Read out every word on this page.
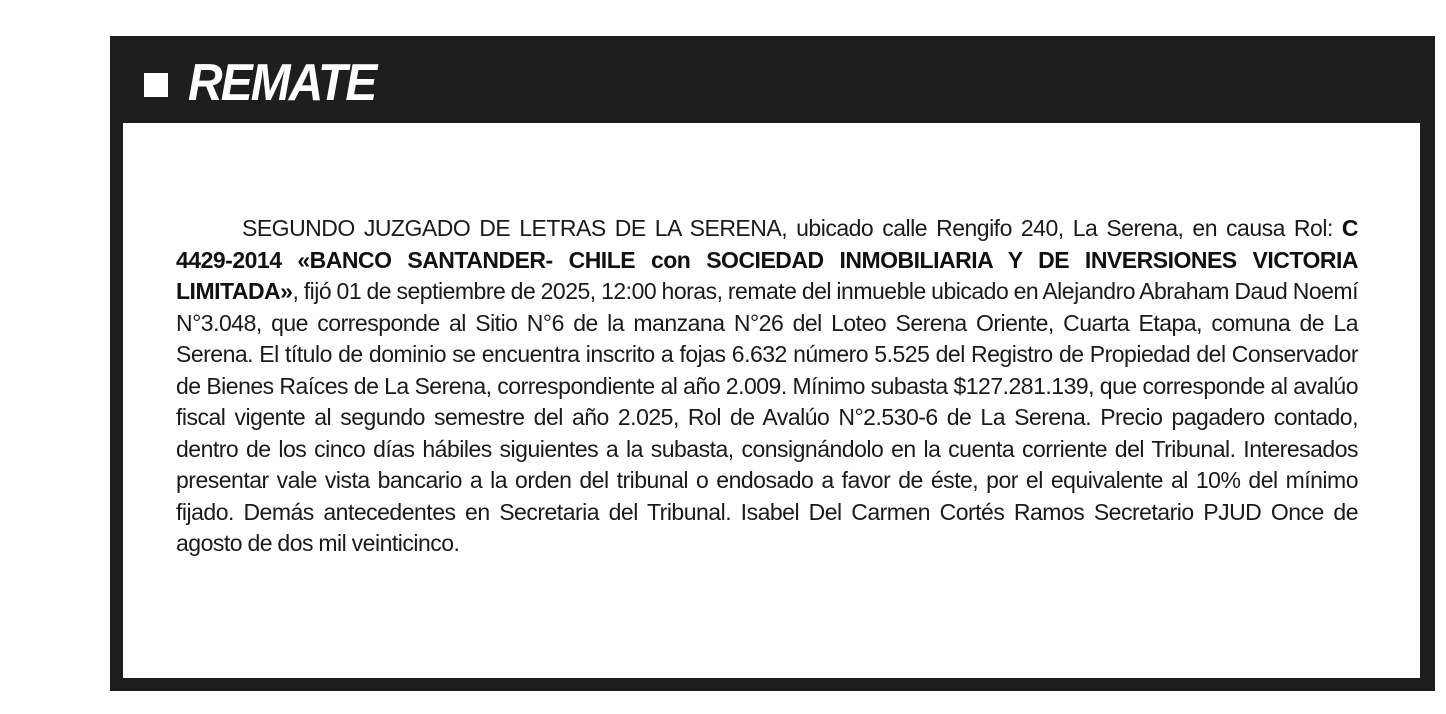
REMATE

SEGUNDO JUZGADO DE LETRAS DE LA SERENA, ubicado calle Rengifo 240, La Serena, en causa Rol: C 4429-2014 «BANCO SANTANDER- CHILE con SOCIEDAD INMOBILIARIA Y DE INVERSIONES VICTORIA LIMITADA», fijó 01 de septiembre de 2025, 12:00 horas, remate del inmueble ubicado en Alejandro Abraham Daud Noemí N°3.048, que corresponde al Sitio N°6 de la manzana N°26 del Loteo Serena Oriente, Cuarta Etapa, comuna de La Serena. El título de dominio se encuentra inscrito a fojas 6.632 número 5.525 del Registro de Propiedad del Conservador de Bienes Raíces de La Serena, correspondiente al año 2.009. Mínimo subasta $127.281.139, que corresponde al avalúo fiscal vigente al segundo semestre del año 2.025, Rol de Avalúo N°2.530-6 de La Serena. Precio pagadero contado, dentro de los cinco días hábiles siguientes a la subasta, consignándolo en la cuenta corriente del Tribunal. Interesados presentar vale vista bancario a la orden del tribunal o endosado a favor de éste, por el equivalente al 10% del mínimo fijado. Demás antecedentes en Secretaria del Tribunal. Isabel Del Carmen Cortés Ramos Secretario PJUD Once de agosto de dos mil veinticinco.
